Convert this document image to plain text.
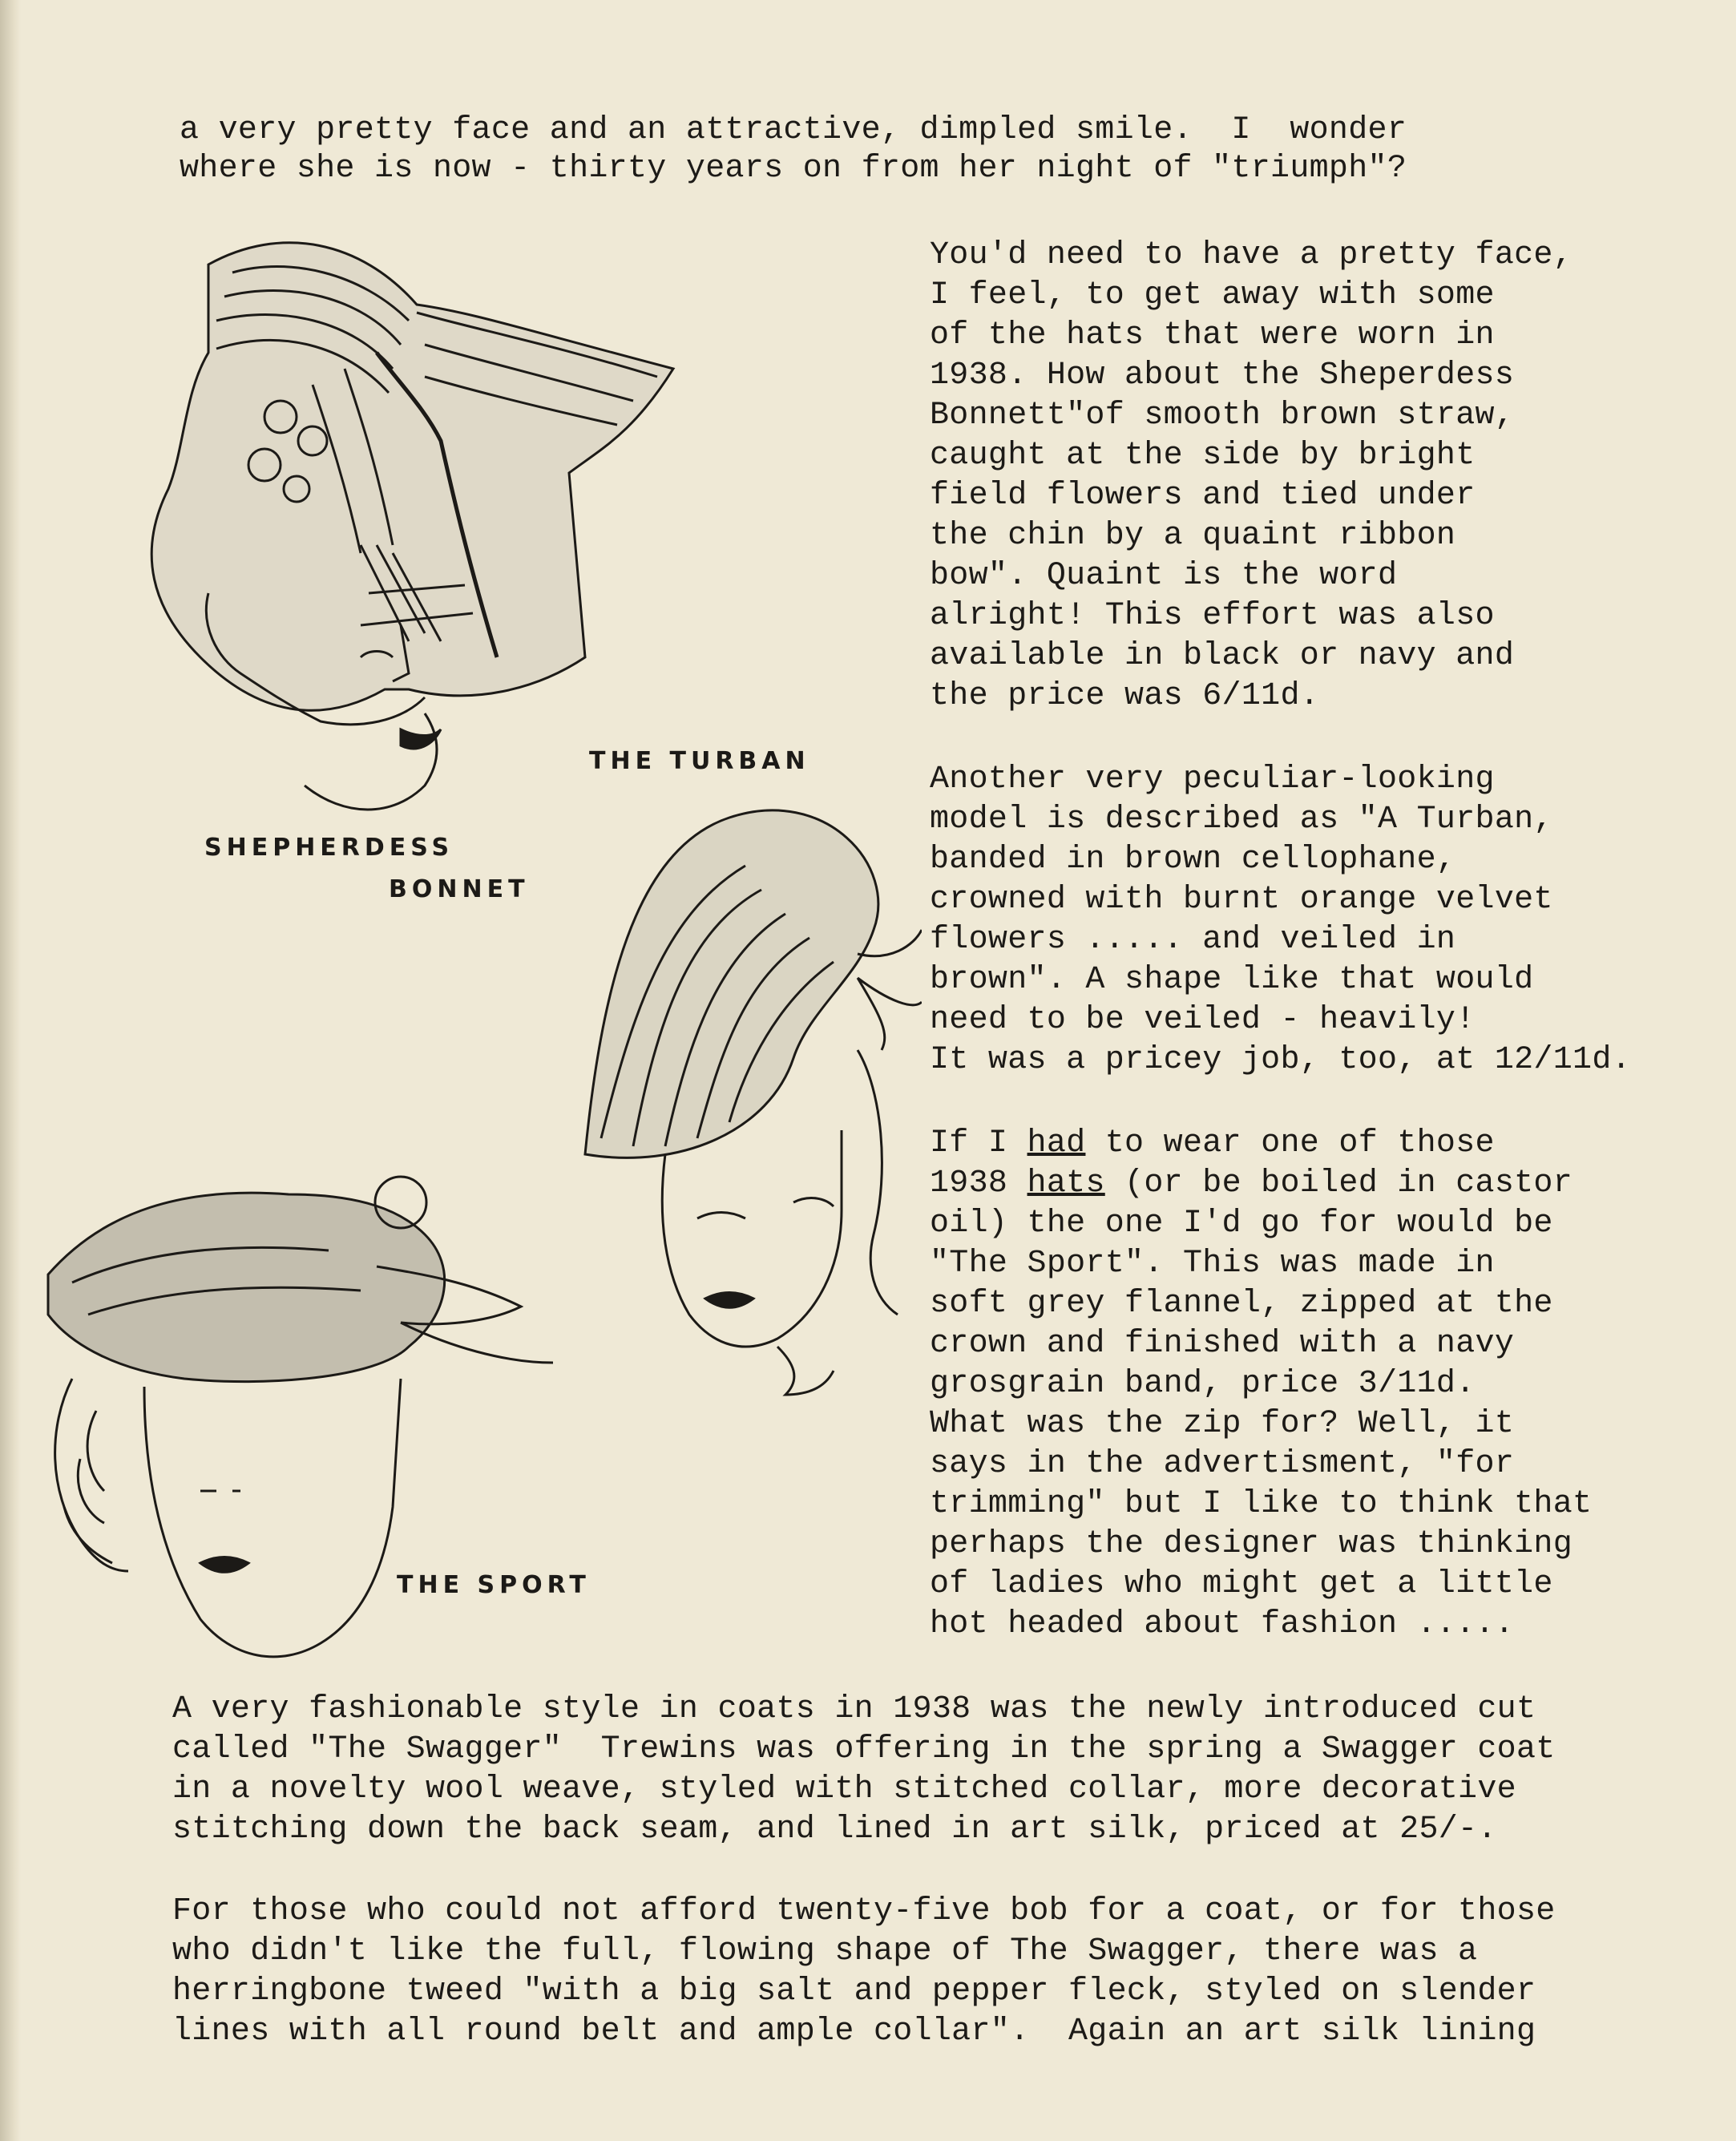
a very pretty face and an attractive, dimpled smile.  I  wonder
where she is now - thirty years on from her night of "triumph"?
THE TURBAN
SHEPHERDESS
BONNET
THE SPORT
You'd need to have a pretty face,
I feel, to get away with some
of the hats that were worn in
1938. How about the Sheperdess
Bonnett"of smooth brown straw,
caught at the side by bright
field flowers and tied under
the chin by a quaint ribbon
bow". Quaint is the word
alright! This effort was also
available in black or navy and
the price was 6/11d.
Another very peculiar-looking
model is described as "A Turban,
banded in brown cellophane,
crowned with burnt orange velvet
flowers ..... and veiled in
brown". A shape like that would
need to be veiled - heavily!
It was a pricey job, too, at 12/11d.
If I had to wear one of those
1938 hats (or be boiled in castor
oil) the one I'd go for would be
"The Sport". This was made in
soft grey flannel, zipped at the
crown and finished with a navy
grosgrain band, price 3/11d.
What was the zip for? Well, it
says in the advertisment, "for
trimming" but I like to think that
perhaps the designer was thinking
of ladies who might get a little
hot headed about fashion .....
A very fashionable style in coats in 1938 was the newly introduced cut
called "The Swagger"  Trewins was offering in the spring a Swagger coat
in a novelty wool weave, styled with stitched collar, more decorative
stitching down the back seam, and lined in art silk, priced at 25/-.
For those who could not afford twenty-five bob for a coat, or for those
who didn't like the full, flowing shape of The Swagger, there was a
herringbone tweed "with a big salt and pepper fleck, styled on slender
lines with all round belt and ample collar".  Again an art silk lining
